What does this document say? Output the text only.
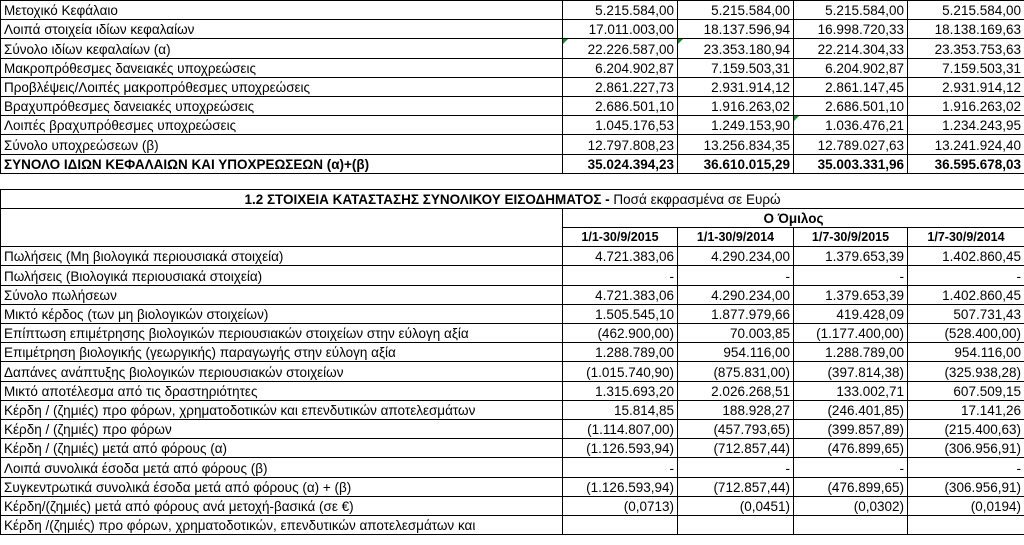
Μετοχικό Κεφάλαιο	5.215.584,00	5.215.584,00	5.215.584,00	5.215.584,00
Λοιπά στοιχεία ιδίων κεφαλαίων	17.011.003,00	18.137.596,94	16.998.720,33	18.138.169,63
Σύνολο ιδίων κεφαλαίων (α)	22.226.587,00	23.353.180,94	22.214.304,33	23.353.753,63
Μακροπρόθεσμες δανειακές υποχρεώσεις	6.204.902,87	7.159.503,31	6.204.902,87	7.159.503,31
Προβλέψεις/Λοιπές μακροπρόθεσμες υποχρεώσεις	2.861.227,73	2.931.914,12	2.861.147,45	2.931.914,12
Βραχυπρόθεσμες δανειακές υποχρεώσεις	2.686.501,10	1.916.263,02	2.686.501,10	1.916.263,02
Λοιπές βραχυπρόθεσμες υποχρεώσεις	1.045.176,53	1.249.153,90	1.036.476,21	1.234.243,95
Σύνολο υποχρεώσεων (β)	12.797.808,23	13.256.834,35	12.789.027,63	13.241.924,40
ΣΥΝΟΛΟ ΙΔΙΩΝ ΚΕΦΑΛΑΙΩΝ ΚΑΙ ΥΠΟΧΡΕΩΣΕΩΝ (α)+(β)	35.024.394,23	36.610.015,29	35.003.331,96	36.595.678,03

1.2 ΣΤΟΙΧΕΙΑ ΚΑΤΑΣΤΑΣΗΣ ΣΥΝΟΛΙΚΟΥ ΕΙΣΟΔΗΜΑΤΟΣ - Ποσά εκφρασμένα σε Ευρώ				
	Ο Όμιλος			
	1/1-30/9/2015	1/1-30/9/2014	1/7-30/9/2015	1/7-30/9/2014
Πωλήσεις (Μη βιολογικά περιουσιακά στοιχεία)	4.721.383,06	4.290.234,00	1.379.653,39	1.402.860,45
Πωλήσεις (Βιολογικά περιουσιακά στοιχεία)	-	-	-	-
Σύνολο πωλήσεων	4.721.383,06	4.290.234,00	1.379.653,39	1.402.860,45
Μικτό κέρδος (των μη βιολογικών στοιχείων)	1.505.545,10	1.877.979,66	419.428,09	507.731,43
Επίπτωση επιμέτρησης βιολογικών περιουσιακών στοιχείων στην εύλογη αξία	(462.900,00)	70.003,85	(1.177.400,00)	(528.400,00)
Επιμέτρηση βιολογικής (γεωργικής) παραγωγής στην εύλογη αξία	1.288.789,00	954.116,00	1.288.789,00	954.116,00
Δαπάνες ανάπτυξης βιολογικών περιουσιακών στοιχείων	(1.015.740,90)	(875.831,00)	(397.814,38)	(325.938,28)
Μικτό αποτέλεσμα από τις δραστηριότητες	1.315.693,20	2.026.268,51	133.002,71	607.509,15
Κέρδη / (ζημιές) προ φόρων, χρηματοδοτικών και επενδυτικών αποτελεσμάτων	15.814,85	188.928,27	(246.401,85)	17.141,26
Κέρδη / (ζημιές) προ φόρων	(1.114.807,00)	(457.793,65)	(399.857,89)	(215.400,63)
Κέρδη / (ζημιές) μετά από φόρους (α)	(1.126.593,94)	(712.857,44)	(476.899,65)	(306.956,91)
Λοιπά συνολικά έσοδα μετά από φόρους (β)	-	-	-	-
Συγκεντρωτικά συνολικά έσοδα μετά από φόρους (α) + (β)	(1.126.593,94)	(712.857,44)	(476.899,65)	(306.956,91)
Κέρδη/(ζημιές) μετά από φόρους ανά μετοχή-βασικά (σε €)	(0,0713)	(0,0451)	(0,0302)	(0,0194)
Κέρδη /(ζημιές) προ φόρων, χρηματοδοτικών, επενδυτικών αποτελεσμάτων και				
